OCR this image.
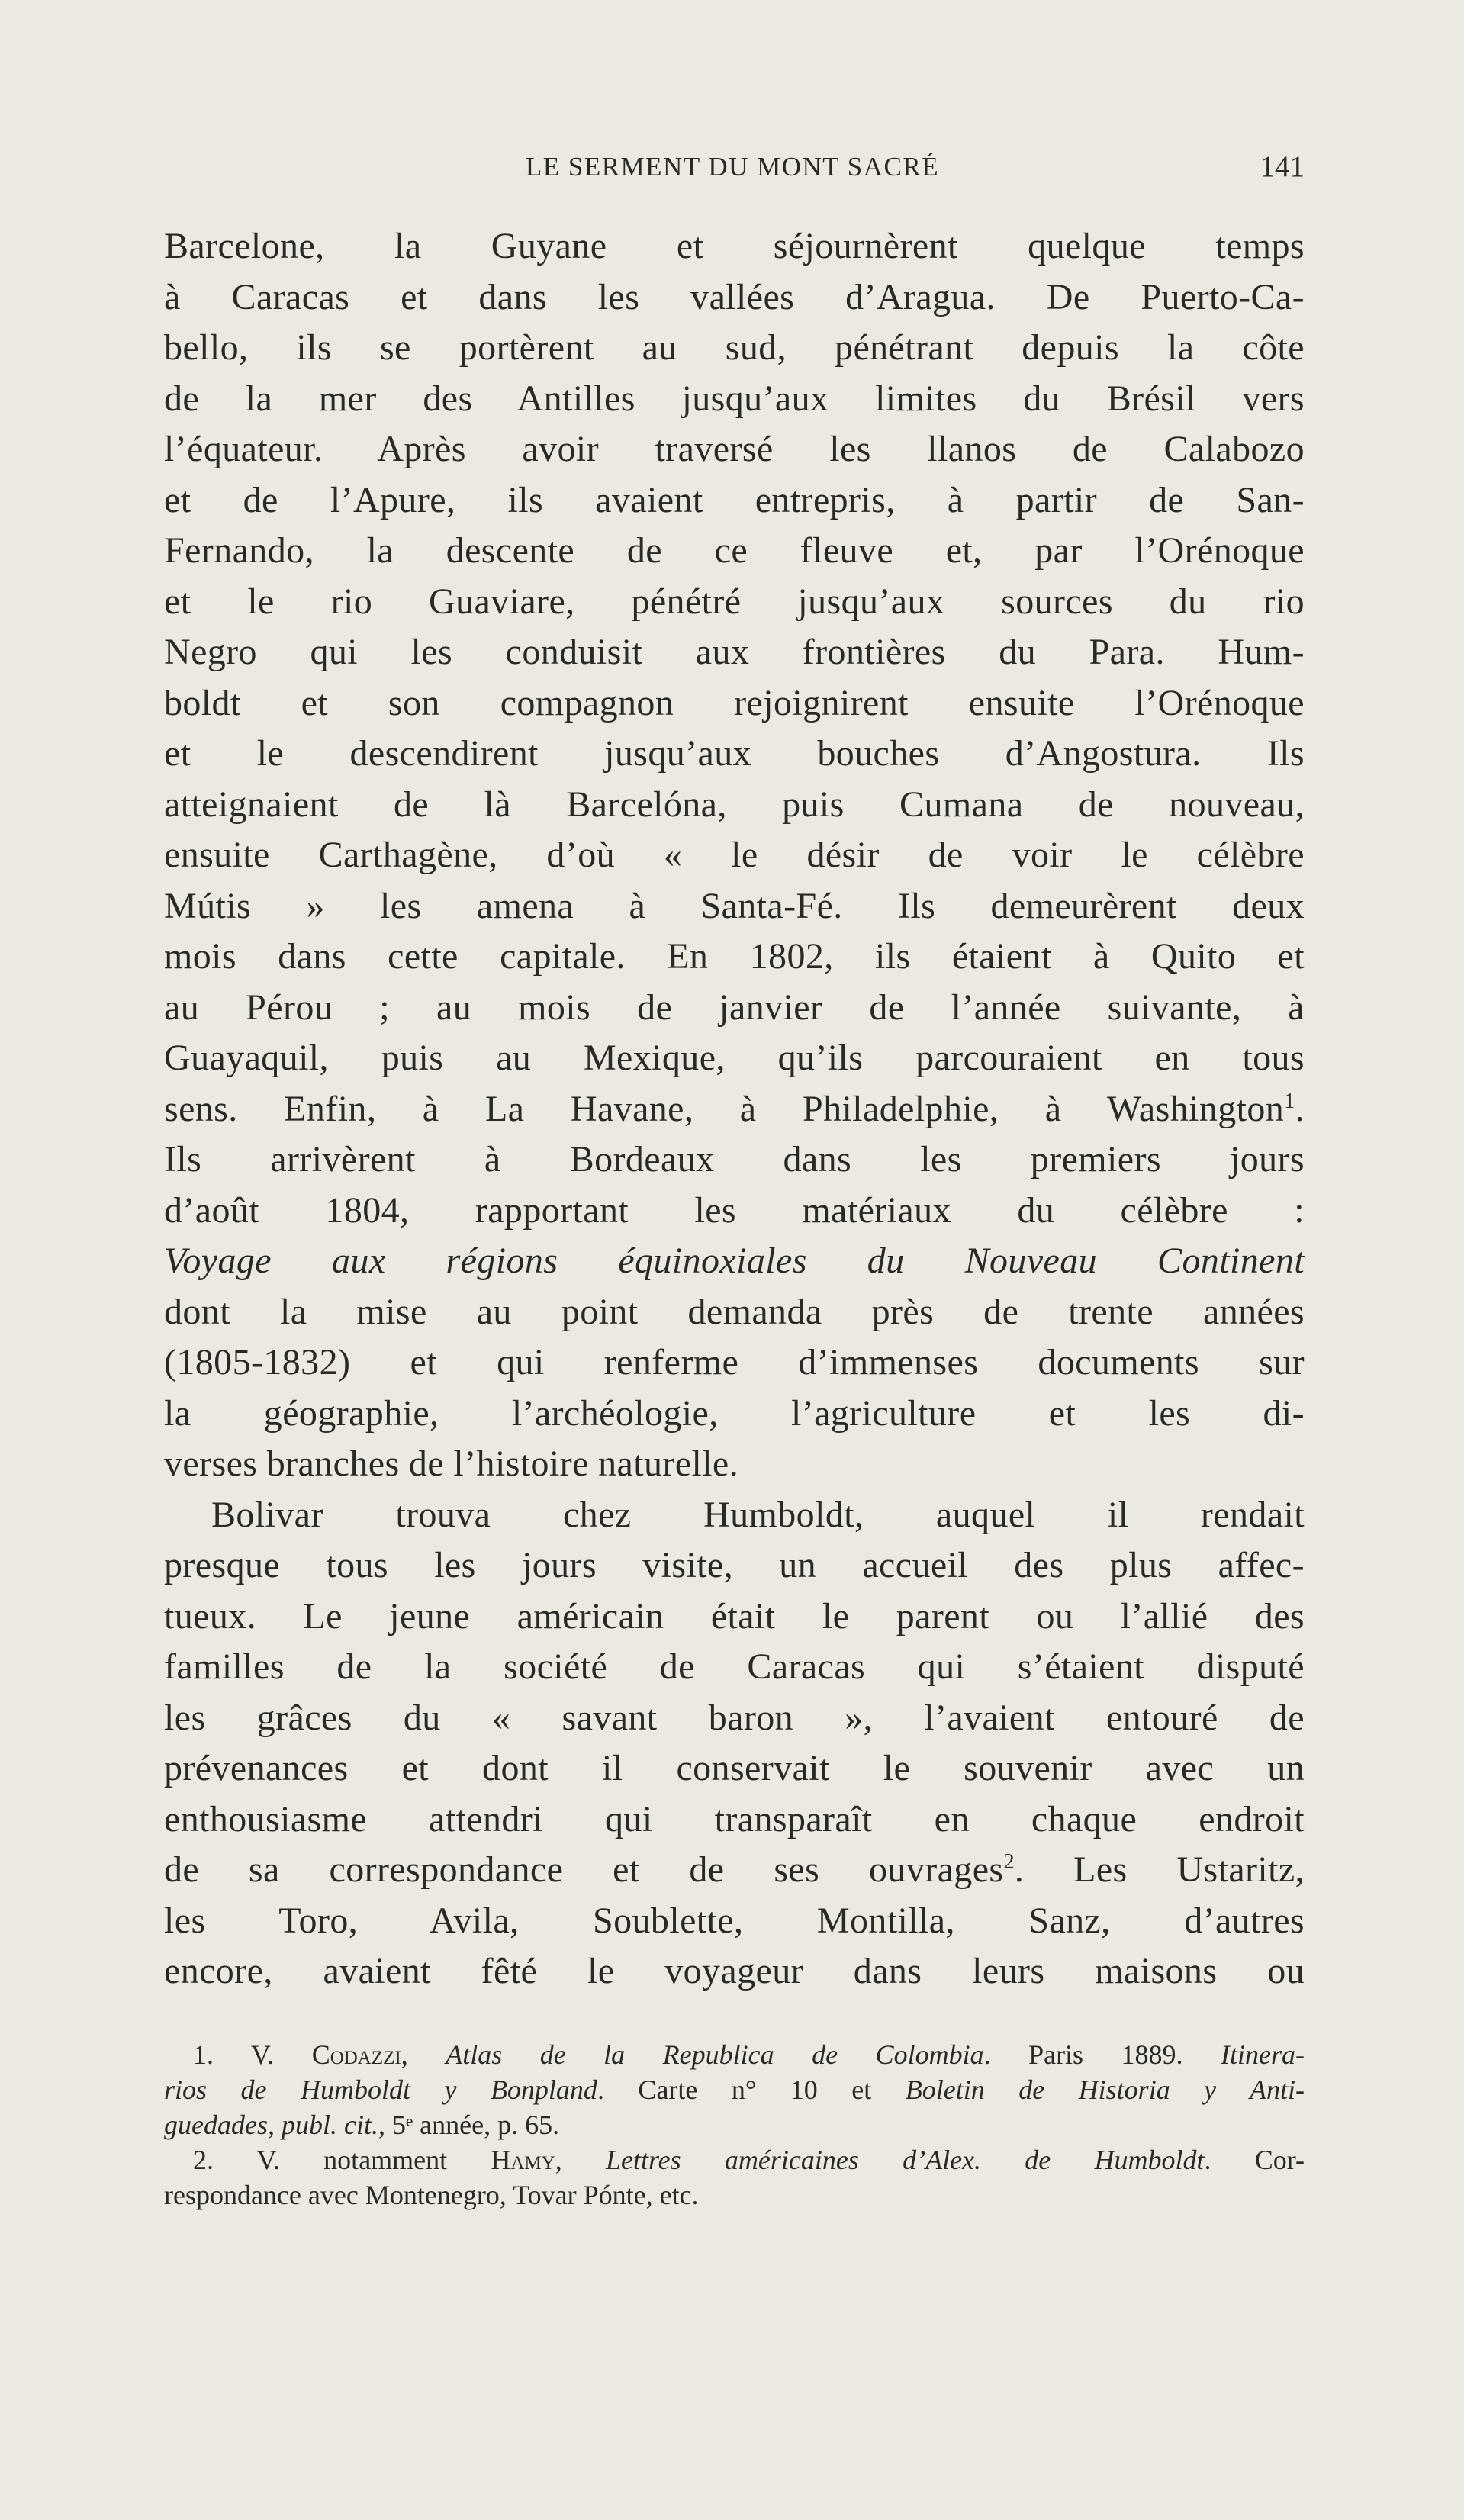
LE SERMENT DU MONT SACRÉ	141
Barcelone, la Guyane et séjournèrent quelque temps
à Caracas et dans les vallées d’Aragua. De Puerto-Ca-
bello, ils se portèrent au sud, pénétrant depuis la côte
de la mer des Antilles jusqu’aux limites du Brésil vers
l’équateur. Après avoir traversé les llanos de Calabozo
et de l’Apure, ils avaient entrepris, à partir de San-
Fernando, la descente de ce fleuve et, par l’Orénoque
et le rio Guaviare, pénétré jusqu’aux sources du rio
Negro qui les conduisit aux frontières du Para. Hum-
boldt et son compagnon rejoignirent ensuite l’Orénoque
et le descendirent jusqu’aux bouches d’Angostura. Ils
atteignaient de là Barcelóna, puis Cumana de nouveau,
ensuite Carthagène, d’où « le désir de voir le célèbre
Mútis » les amena à Santa-Fé. Ils demeurèrent deux
mois dans cette capitale. En 1802, ils étaient à Quito et
au Pérou ; au mois de janvier de l’année suivante, à
Guayaquil, puis au Mexique, qu’ils parcouraient en tous
sens. Enfin, à La Havane, à Philadelphie, à Washington$^1$.
Ils arrivèrent à Bordeaux dans les premiers jours
d’août 1804, rapportant les matériaux du célèbre :
Voyage aux régions équinoxiales du Nouveau Continent
dont la mise au point demanda près de trente années
(1805-1832) et qui renferme d’immenses documents sur
la géographie, l’archéologie, l’agriculture et les di-
verses branches de l’histoire naturelle.
Bolivar trouva chez Humboldt, auquel il rendait
presque tous les jours visite, un accueil des plus affec-
tueux. Le jeune américain était le parent ou l’allié des
familles de la société de Caracas qui s’étaient disputé
les grâces du « savant baron », l’avaient entouré de
prévenances et dont il conservait le souvenir avec un
enthousiasme attendri qui transparaît en chaque endroit
de sa correspondance et de ses ouvrages$^2$. Les Ustaritz,
les Toro, Avila, Soublette, Montilla, Sanz, d’autres
encore, avaient fêté le voyageur dans leurs maisons ou
1. V. Codazzi, Atlas de la Republica de Colombia. Paris 1889. Itinera-
rios de Humboldt y Bonpland. Carte n° 10 et Boletin de Historia y Anti-
guedades, publ. cit., 5ᵉ année, p. 65.
2. V. notamment Hamy, Lettres américaines d’Alex. de Humboldt. Cor-
respondance avec Montenegro, Tovar Pónte, etc.
